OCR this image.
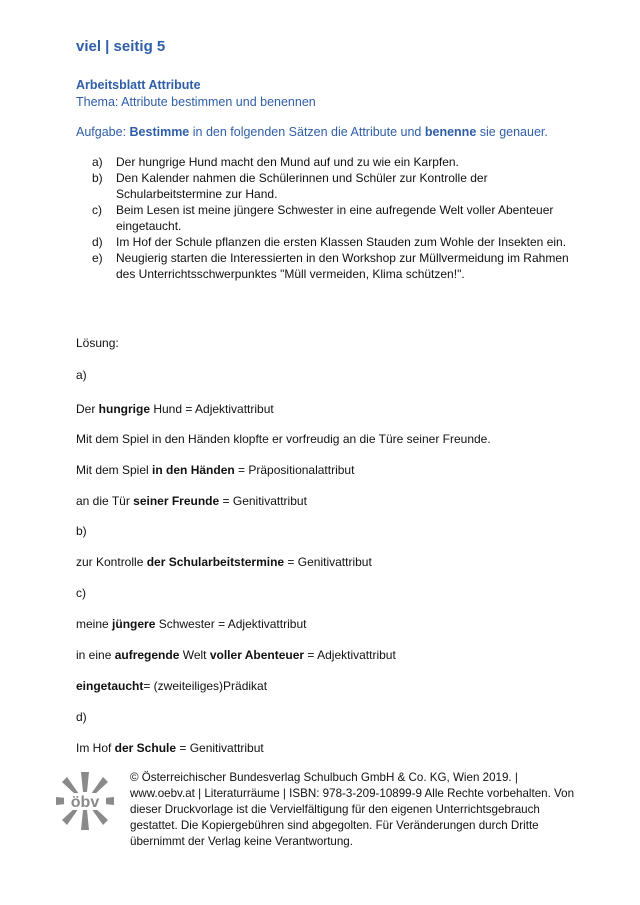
viel | seitig 5
Arbeitsblatt Attribute
Thema: Attribute bestimmen und benennen
Aufgabe: Bestimme in den folgenden Sätzen die Attribute und benenne sie genauer.
a)	Der hungrige Hund macht den Mund auf und zu wie ein Karpfen.
b)	Den Kalender nahmen die Schülerinnen und Schüler zur Kontrolle der Schularbeitstermine zur Hand.
c)	Beim Lesen ist meine jüngere Schwester in eine aufregende Welt voller Abenteuer eingetaucht.
d)	Im Hof der Schule pflanzen die ersten Klassen Stauden zum Wohle der Insekten ein.
e)	Neugierig starten die Interessierten in den Workshop zur Müllvermeidung im Rahmen des Unterrichtsschwerpunktes "Müll vermeiden, Klima schützen!".
Lösung:
a)
Der hungrige Hund = Adjektivattribut
Mit dem Spiel in den Händen klopfte er vorfreudig an die Türe seiner Freunde.
Mit dem Spiel in den Händen = Präpositionalattribut
an die Tür seiner Freunde = Genitivattribut
b)
zur Kontrolle der Schularbeitstermine = Genitivattribut
c)
meine jüngere Schwester = Adjektivattribut
in eine aufregende Welt voller Abenteuer = Adjektivattribut
eingetaucht= (zweiteiliges)Prädikat
d)
Im Hof der Schule = Genitivattribut
öbv
© Österreichischer Bundesverlag Schulbuch GmbH & Co. KG, Wien 2019. | www.oebv.at | Literaturräume | ISBN: 978-3-209-10899-9 Alle Rechte vorbehalten. Von dieser Druckvorlage ist die Vervielfältigung für den eigenen Unterrichtsgebrauch gestattet. Die Kopiergebühren sind abgegolten. Für Veränderungen durch Dritte übernimmt der Verlag keine Verantwortung.
